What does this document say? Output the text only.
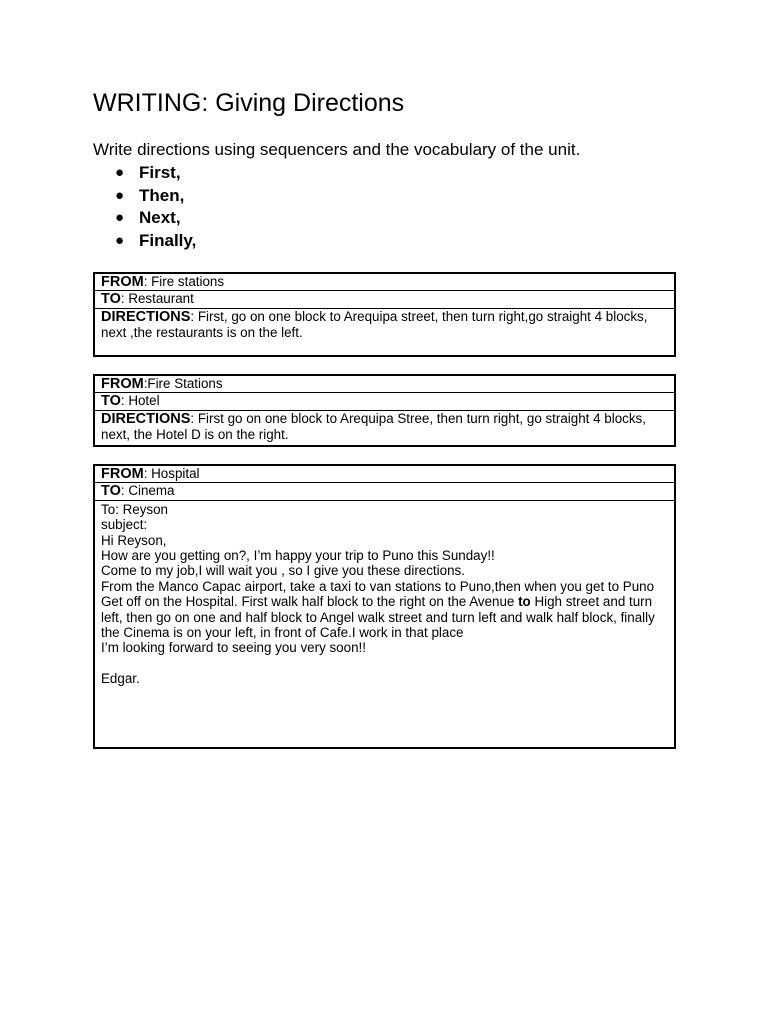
WRITING: Giving Directions
Write directions using sequencers and the vocabulary of the unit.
● First,
● Then,
● Next,
● Finally,
FROM: Fire stations
TO: Restaurant
DIRECTIONS: First, go on one block to Arequipa street, then turn right,go straight 4 blocks, next ,the restaurants is on the left.
FROM:Fire Stations
TO: Hotel
DIRECTIONS: First go on one block to Arequipa Stree, then turn right, go straight 4 blocks, next, the Hotel D is on the right.
FROM: Hospital
TO: Cinema
To: Reyson
subject:
Hi Reyson,
How are you getting on?, I’m happy your trip to Puno this Sunday!!
Come to my job,I will wait you , so I give you these directions.
From the Manco Capac airport, take a taxi to van stations to Puno,then when you get to Puno Get off on the Hospital. First walk half block to the right on the Avenue to High street and turn left, then go on one and half block to Angel walk street and turn left and walk half block, finally the Cinema is on your left, in front of Cafe.I work in that place
I’m looking forward to seeing you very soon!!
Edgar.
